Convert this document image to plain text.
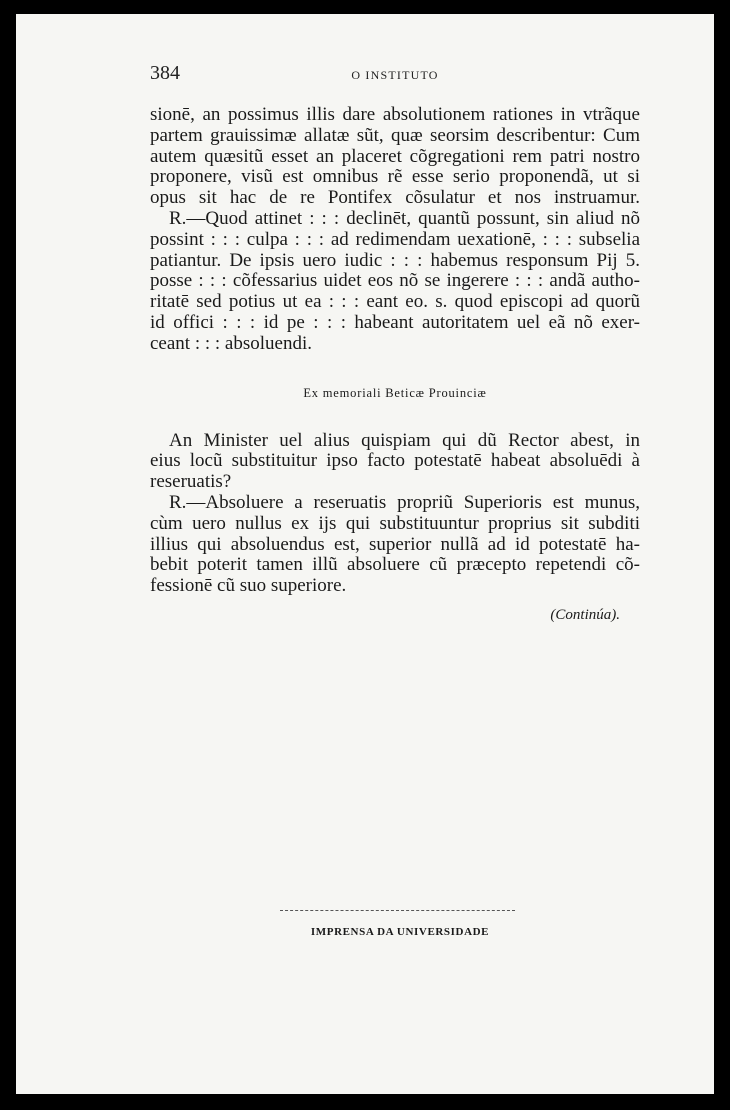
384	O INSTITUTO
sionē, an possimus illis dare absolutionem rationes in vtrãque
partem grauissimæ allatæ sũt, quæ seorsim describentur: Cum
autem quæsitũ esset an placeret cõgregationi rem patri nostro
proponere, visũ est omnibus rẽ esse serio proponendã, ut si
opus sit hac de re Pontifex cõsulatur et nos instruamur.
R.—Quod attinet : : : declinēt, quantũ possunt, sin aliud nõ
possint : : : culpa : : : ad redimendam uexationē, : : : subselia
patiantur. De ipsis uero iudic : : : habemus responsum Pij 5.
posse : : : cõfessarius uidet eos nõ se ingerere : : : andã autho-
ritatē sed potius ut ea : : : eant eo. s. quod episcopi ad quorũ
id offici : : : id pe : : : habeant autoritatem uel eã nõ exer-
ceant : : : absoluendi.
Ex memoriali Beticæ Prouinciæ
An Minister uel alius quispiam qui dũ Rector abest, in
eius locũ substituitur ipso facto potestatē habeat absoluēdi à
reseruatis?
R.—Absoluere a reseruatis propriũ Superioris est munus,
cùm uero nullus ex ijs qui substituuntur proprius sit subditi
illius qui absoluendus est, superior nullã ad id potestatē ha-
bebit poterit tamen illũ absoluere cũ præcepto repetendi cõ-
fessionē cũ suo superiore.
(Continúa).
IMPRENSA DA UNIVERSIDADE
